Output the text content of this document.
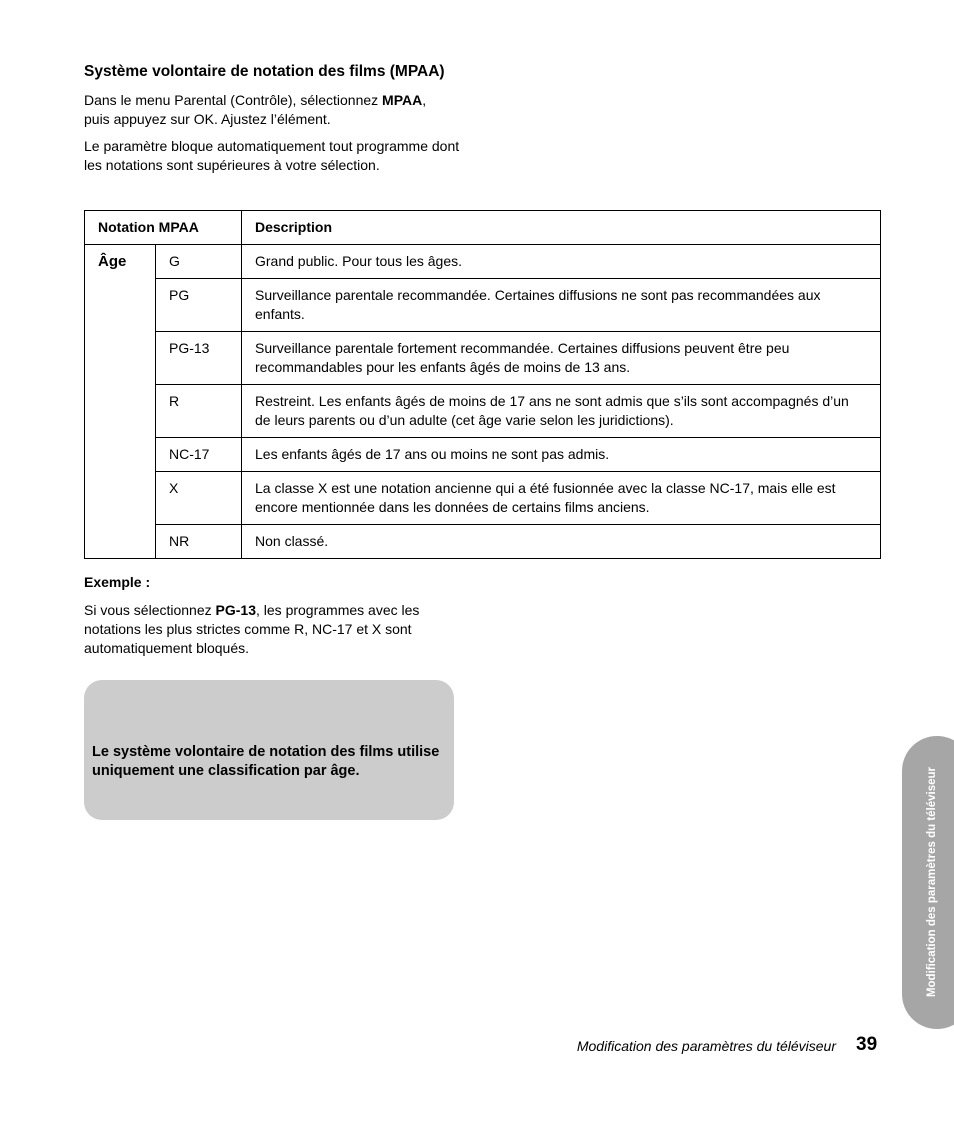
Système volontaire de notation des films (MPAA)

Dans le menu Parental (Contrôle), sélectionnez MPAA,
puis appuyez sur OK. Ajustez l’élément.

Le paramètre bloque automatiquement tout programme dont les notations sont supérieures à votre sélection.

Notation MPAA		Description
Âge	G	Grand public. Pour tous les âges.
	PG	Surveillance parentale recommandée. Certaines diffusions ne sont pas recommandées aux enfants.
	PG-13	Surveillance parentale fortement recommandée. Certaines diffusions peuvent être peu recommandables pour les enfants âgés de moins de 13 ans.
	R	Restreint. Les enfants âgés de moins de 17 ans ne sont admis que s’ils sont accompagnés d’un de leurs parents ou d’un adulte (cet âge varie selon les juridictions).
	NC-17	Les enfants âgés de 17 ans ou moins ne sont pas admis.
	X	La classe X est une notation ancienne qui a été fusionnée avec la classe NC-17, mais elle est encore mentionnée dans les données de certains films anciens.
	NR	Non classé.

Exemple :

Si vous sélectionnez PG-13, les programmes avec les notations les plus strictes comme R, NC-17 et X sont automatiquement bloqués.

Le système volontaire de notation des films utilise uniquement une classification par âge.	Modification des paramètres du téléviseur
Modification des paramètres du téléviseur 39
